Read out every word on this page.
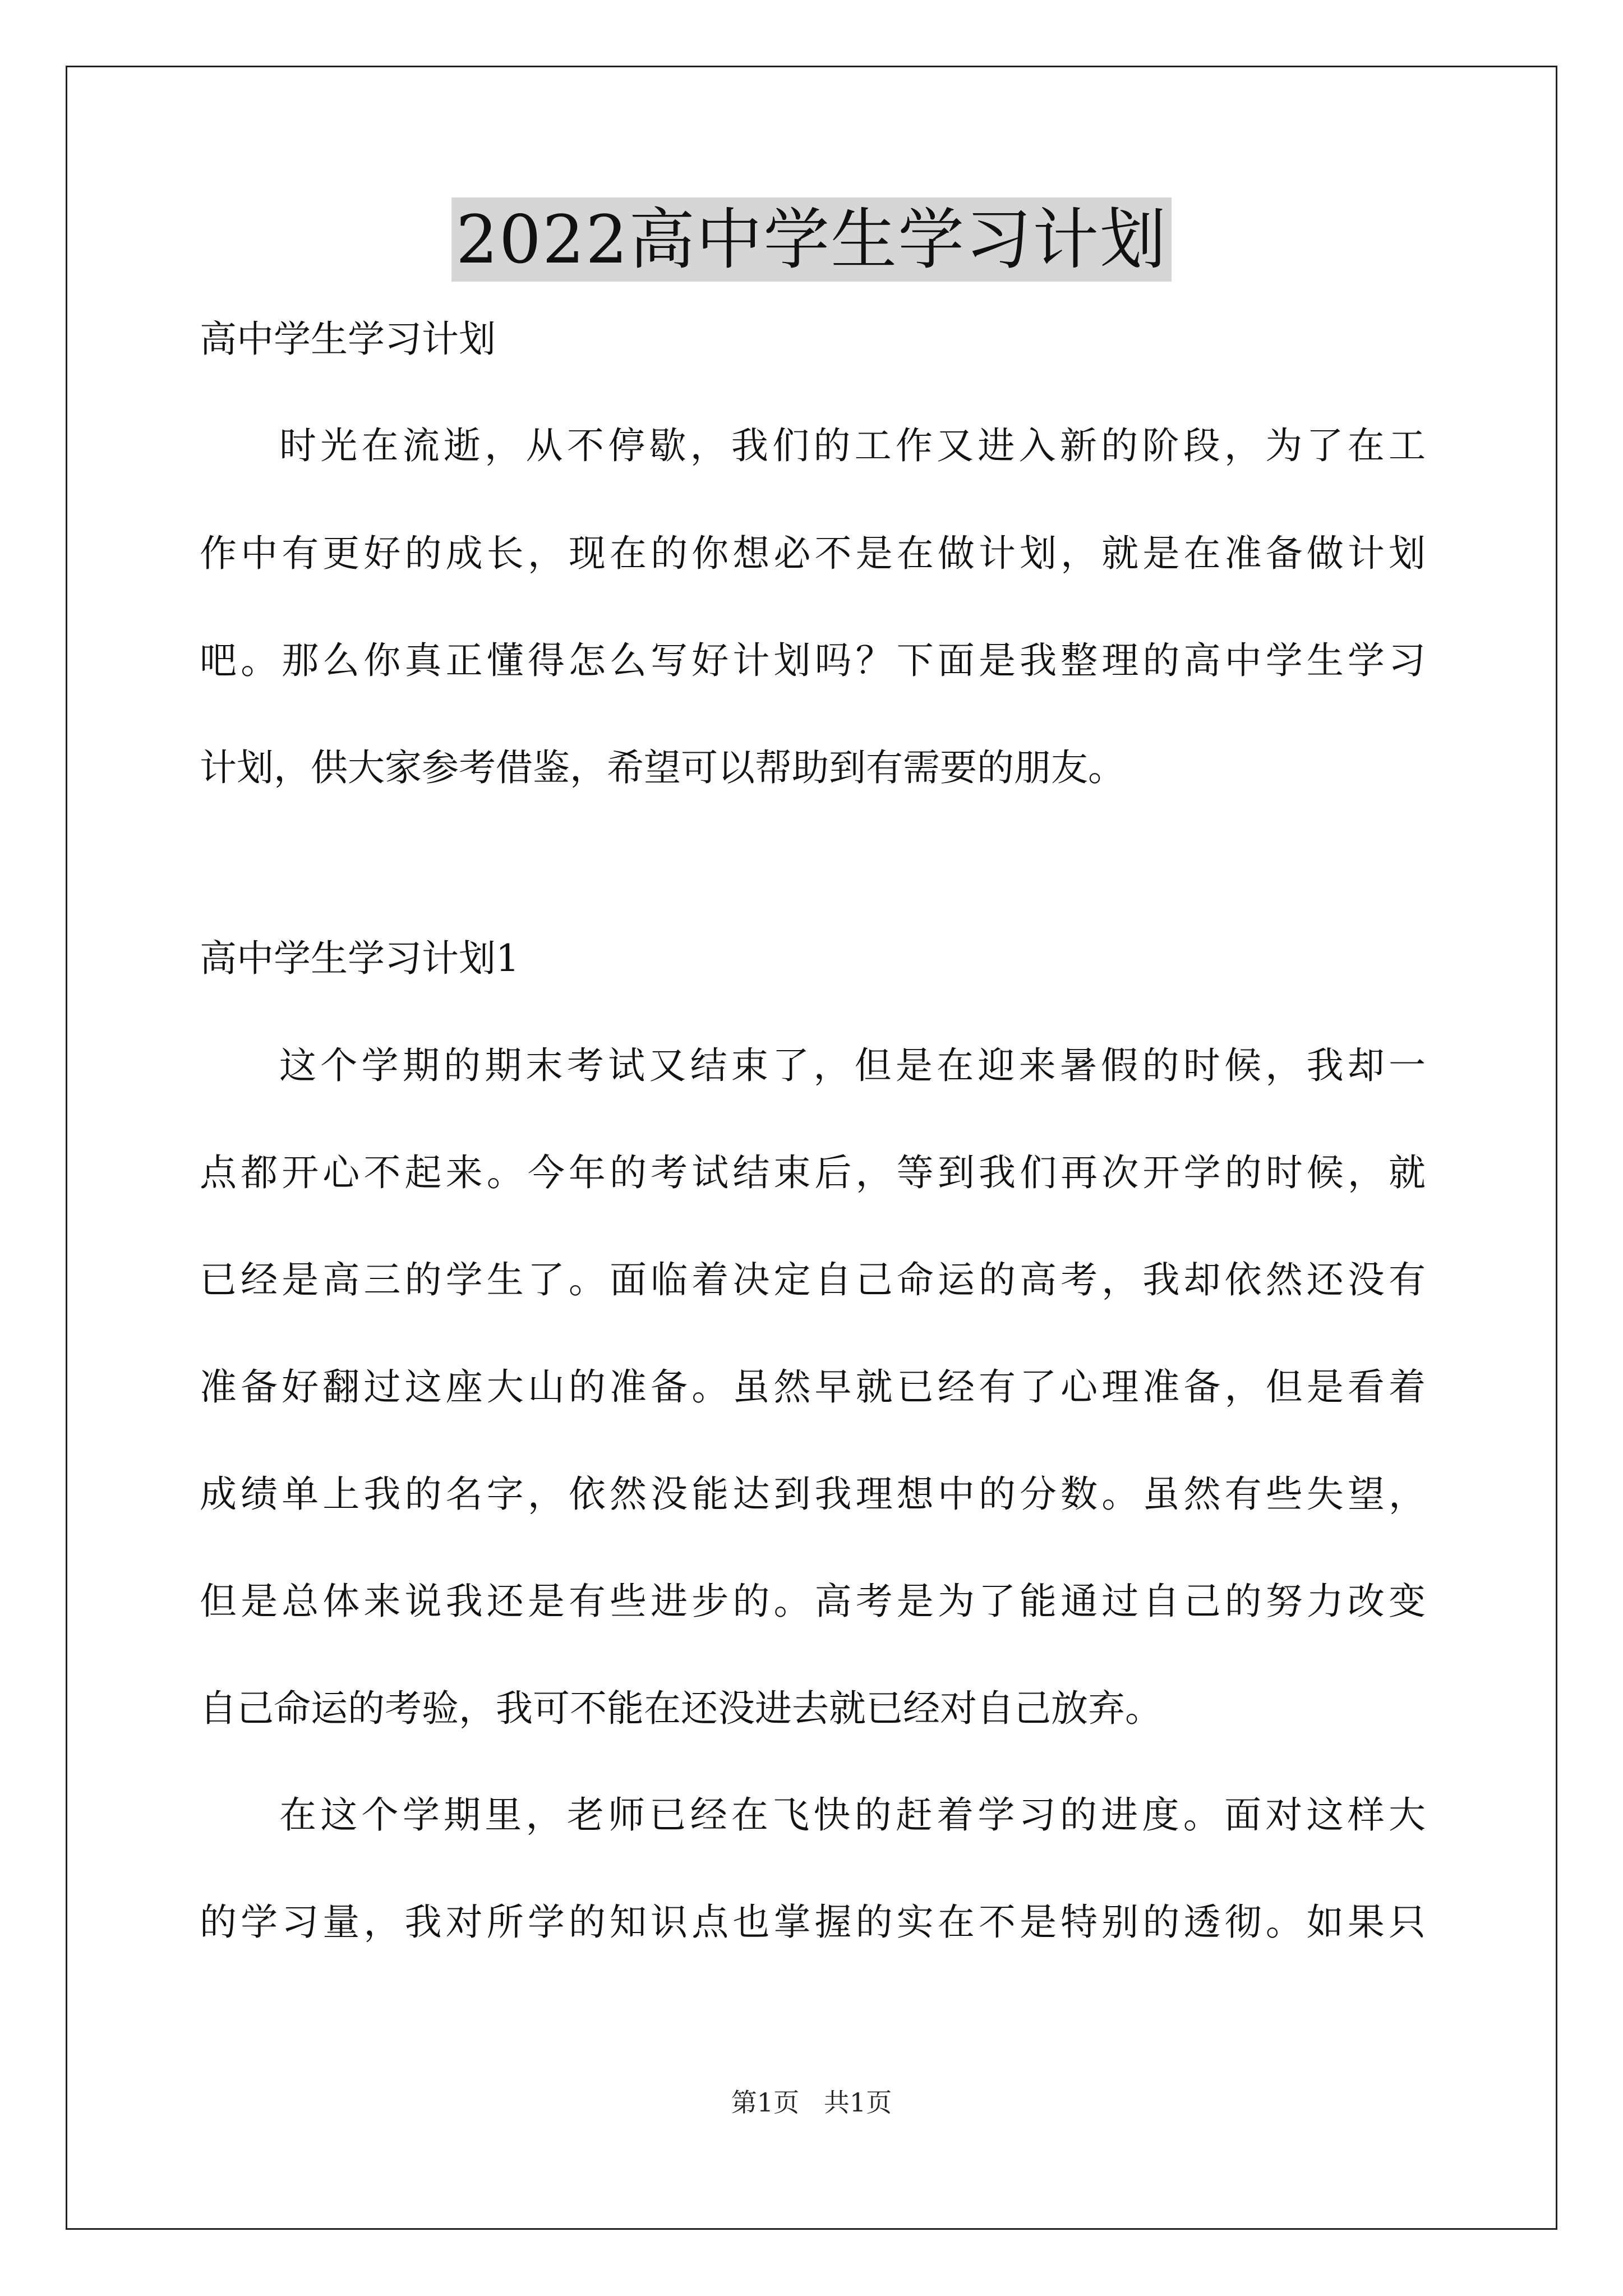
2022高中学生学习计划
高中学生学习计划
时光在流逝，从不停歇，我们的工作又进入新的阶段，为了在工
作中有更好的成长，现在的你想必不是在做计划，就是在准备做计划
吧。那么你真正懂得怎么写好计划吗？下面是我整理的高中学生学习
计划，供大家参考借鉴，希望可以帮助到有需要的朋友。
高中学生学习计划1
这个学期的期末考试又结束了，但是在迎来暑假的时候，我却一
点都开心不起来。今年的考试结束后，等到我们再次开学的时候，就
已经是高三的学生了。面临着决定自己命运的高考，我却依然还没有
准备好翻过这座大山的准备。虽然早就已经有了心理准备，但是看着
成绩单上我的名字，依然没能达到我理想中的分数。虽然有些失望，
但是总体来说我还是有些进步的。高考是为了能通过自己的努力改变
自己命运的考验，我可不能在还没进去就已经对自己放弃。
在这个学期里，老师已经在飞快的赶着学习的进度。面对这样大
的学习量，我对所学的知识点也掌握的实在不是特别的透彻。如果只
第1页   共1页
